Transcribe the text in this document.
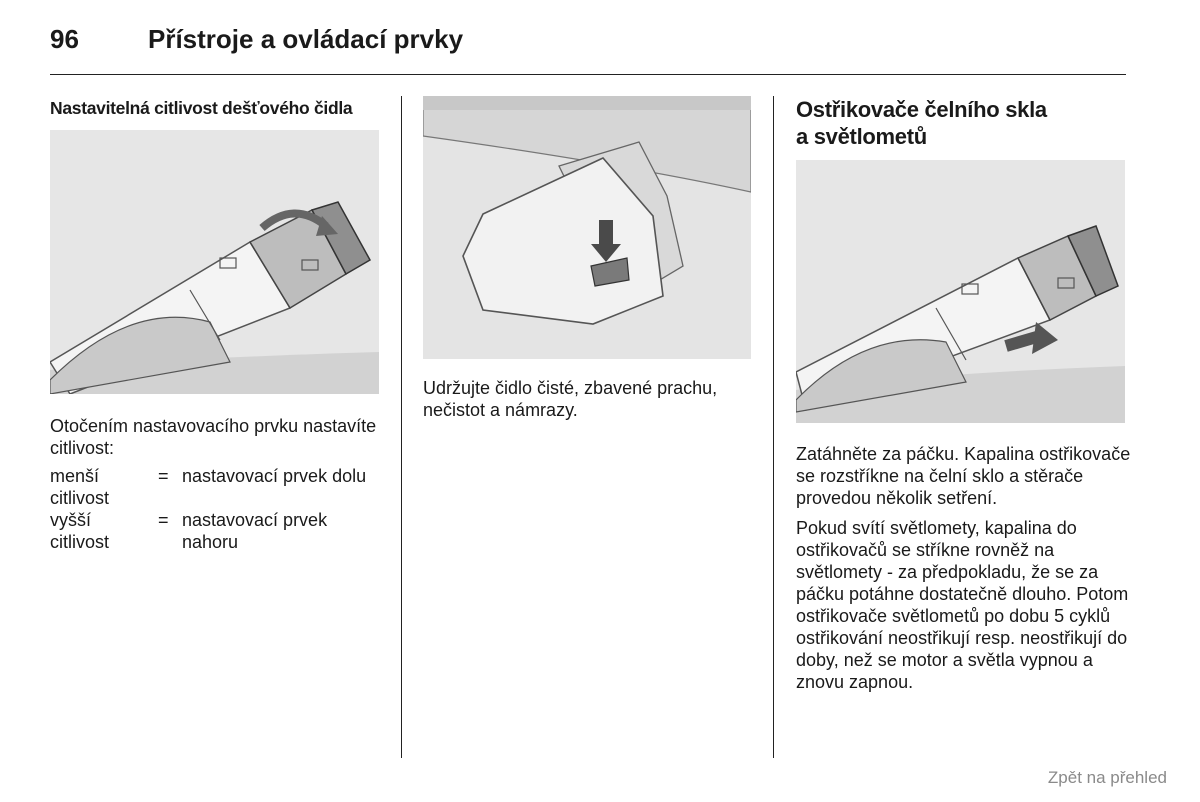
96	Přístroje a ovládací prvky
Nastavitelná citlivost dešťového čidla

Otočením nastavovacího prvku nastavíte citlivost:

menší citlivost
= nastavovací prvek dolu
vyšší citlivost
= nastavovací prvek nahoru

Udržujte čidlo čisté, zbavené prachu, nečistot a námrazy.

Ostřikovače čelního skla
a světlometů

Zatáhněte za páčku. Kapalina ostřikovače se rozstříkne na čelní sklo a stěrače provedou několik setření.

Pokud svítí světlomety, kapalina do ostřikovačů se stříkne rovněž na světlomety - za předpokladu, že se za páčku potáhne dostatečně dlouho. Potom ostřikovače světlometů po dobu 5 cyklů ostřikování neostřikují resp. neostřikují do doby, než se motor a světla vypnou a znovu zapnou.

Zpět na přehled
